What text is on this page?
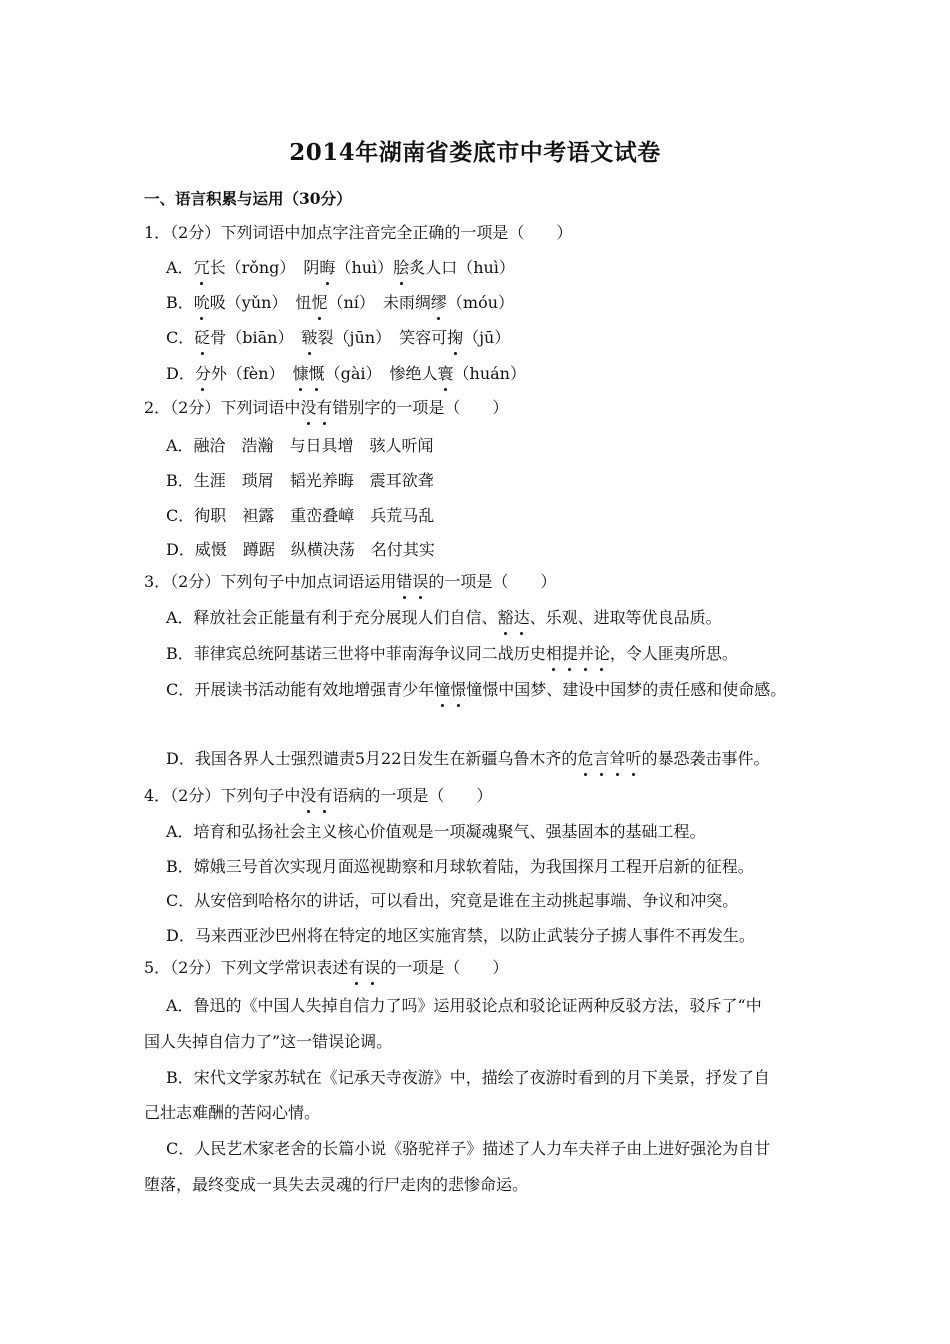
2014年湖南省娄底市中考语文试卷
一、语言积累与运用（30分）
1．（2分）下列词语中加点字注音完全正确的一项是（　　）
A．冗长（rǒng）　阴晦（huì）脍炙人口（huì）
B．吮吸（yǔn）　忸怩（ní）　未雨绸缪（móu）
C．砭骨（biān）　皲裂（jūn）　笑容可掬（jū）
D．分外（fèn）　慷慨（gài）　惨绝人寰（huán）
2．（2分）下列词语中没有错别字的一项是（　　）
A．融洽　浩瀚　与日具增　骇人听闻
B．生涯　琐屑　韬光养晦　震耳欲聋
C．徇职　袒露　重峦叠嶂　兵荒马乱
D．威慑　蹲踞　纵横决荡　名付其实
3．（2分）下列句子中加点词语运用错误的一项是（　　）
A．释放社会正能量有利于充分展现人们自信、豁达、乐观、进取等优良品质。
B．菲律宾总统阿基诺三世将中菲南海争议同二战历史相提并论，令人匪夷所思。
C．开展读书活动能有效地增强青少年憧憬憧憬中国梦、建设中国梦的责任感和使命感。
D．我国各界人士强烈谴责5月22日发生在新疆乌鲁木齐的危言耸听的暴恐袭击事件。
4．（2分）下列句子中没有语病的一项是（　　）
A．培育和弘扬社会主义核心价值观是一项凝魂聚气、强基固本的基础工程。
B．嫦娥三号首次实现月面巡视勘察和月球软着陆，为我国探月工程开启新的征程。
C．从安倍到哈格尔的讲话，可以看出，究竟是谁在主动挑起事端、争议和冲突。
D．马来西亚沙巴州将在特定的地区实施宵禁，以防止武装分子掳人事件不再发生。
5．（2分）下列文学常识表述有误的一项是（　　）
A．鲁迅的《中国人失掉自信力了吗》运用驳论点和驳论证两种反驳方法，驳斥了“中
国人失掉自信力了”这一错误论调。
B．宋代文学家苏轼在《记承天寺夜游》中，描绘了夜游时看到的月下美景，抒发了自
己壮志难酬的苦闷心情。
C．人民艺术家老舍的长篇小说《骆驼祥子》描述了人力车夫祥子由上进好强沦为自甘
堕落，最终变成一具失去灵魂的行尸走肉的悲惨命运。
